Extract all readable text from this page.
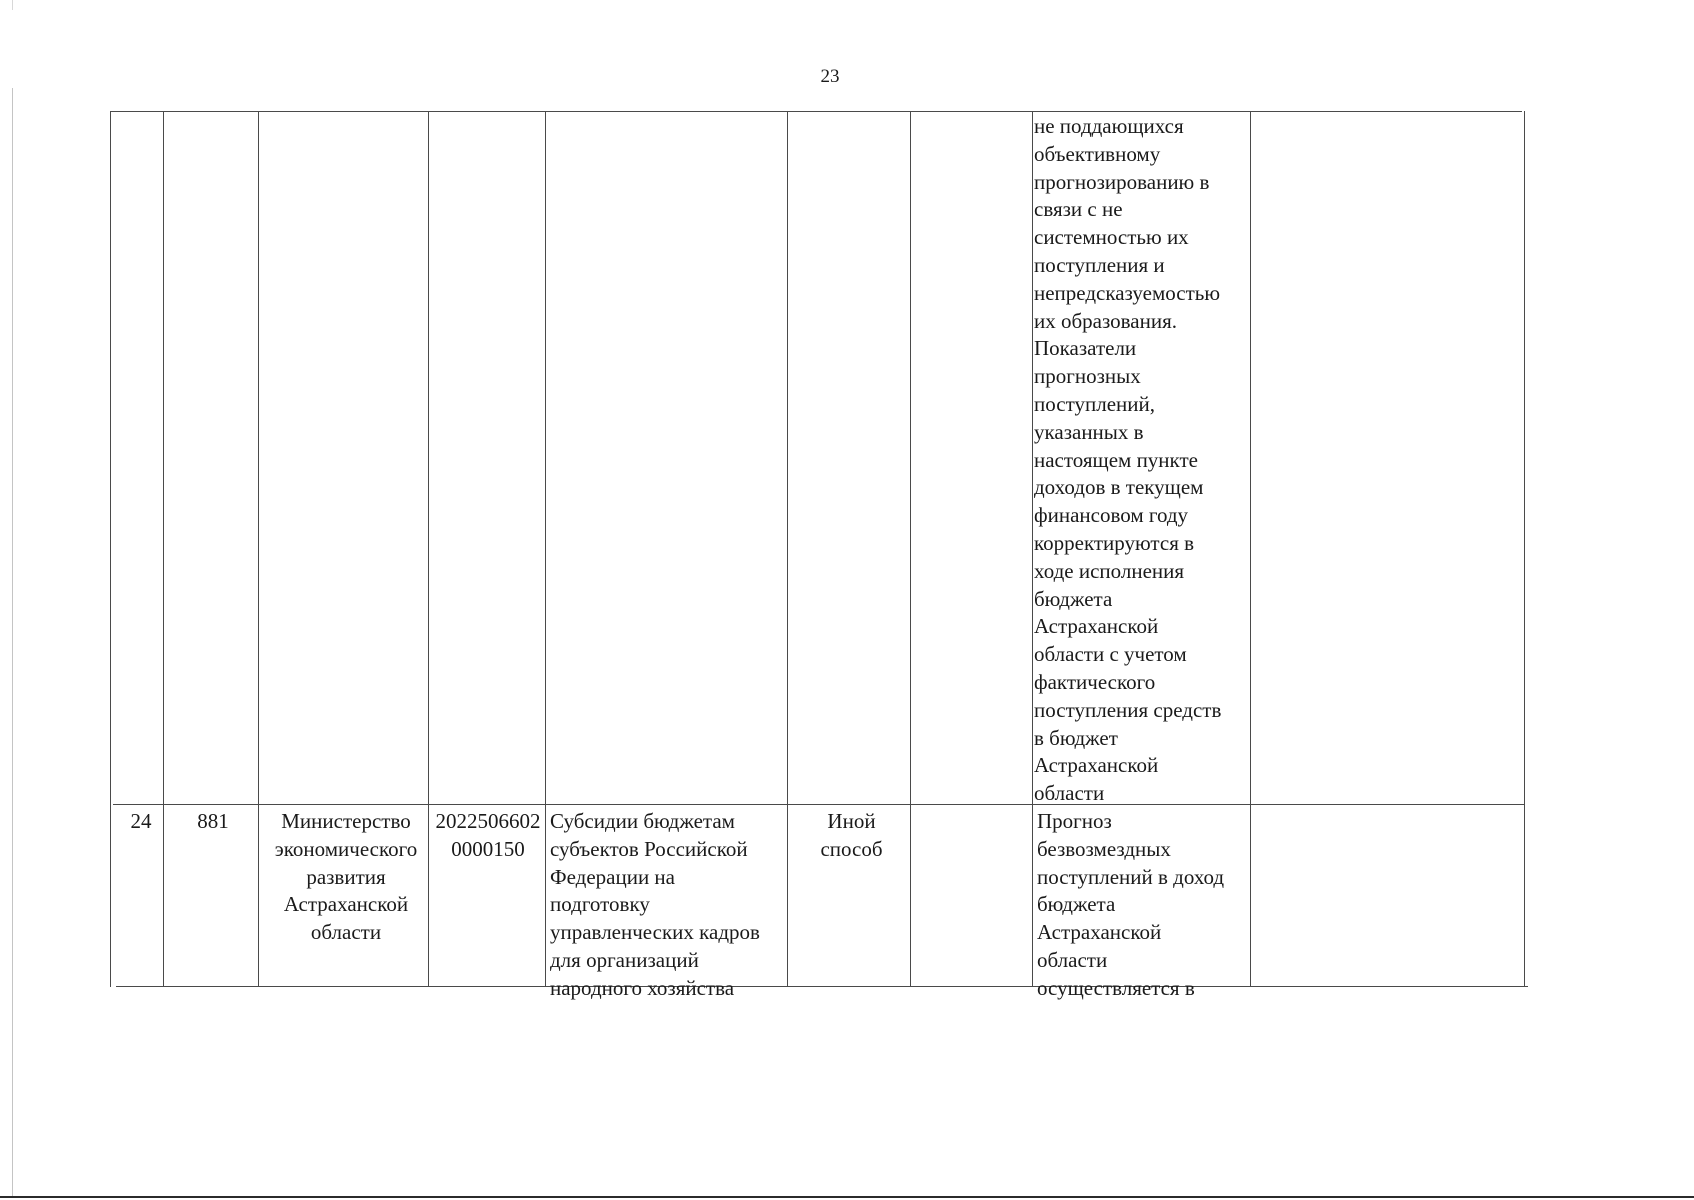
23
не поддающихся
объективному
прогнозированию в
связи с не
системностью их
поступления и
непредсказуемостью
их образования.
Показатели
прогнозных
поступлений,
указанных в
настоящем пункте
доходов в текущем
финансовом году
корректируются в
ходе исполнения
бюджета
Астраханской
области с учетом
фактического
поступления средств
в бюджет
Астраханской
области
24	881	Министерство
экономического
развития
Астраханской
области
2022506602
0000150
Субсидии бюджетам
субъектов Российской
Федерации на
подготовку
управленческих кадров
для организаций
народного хозяйства
Иной
способ
Прогноз
безвозмездных
поступлений в доход
бюджета
Астраханской
области
осуществляется в
